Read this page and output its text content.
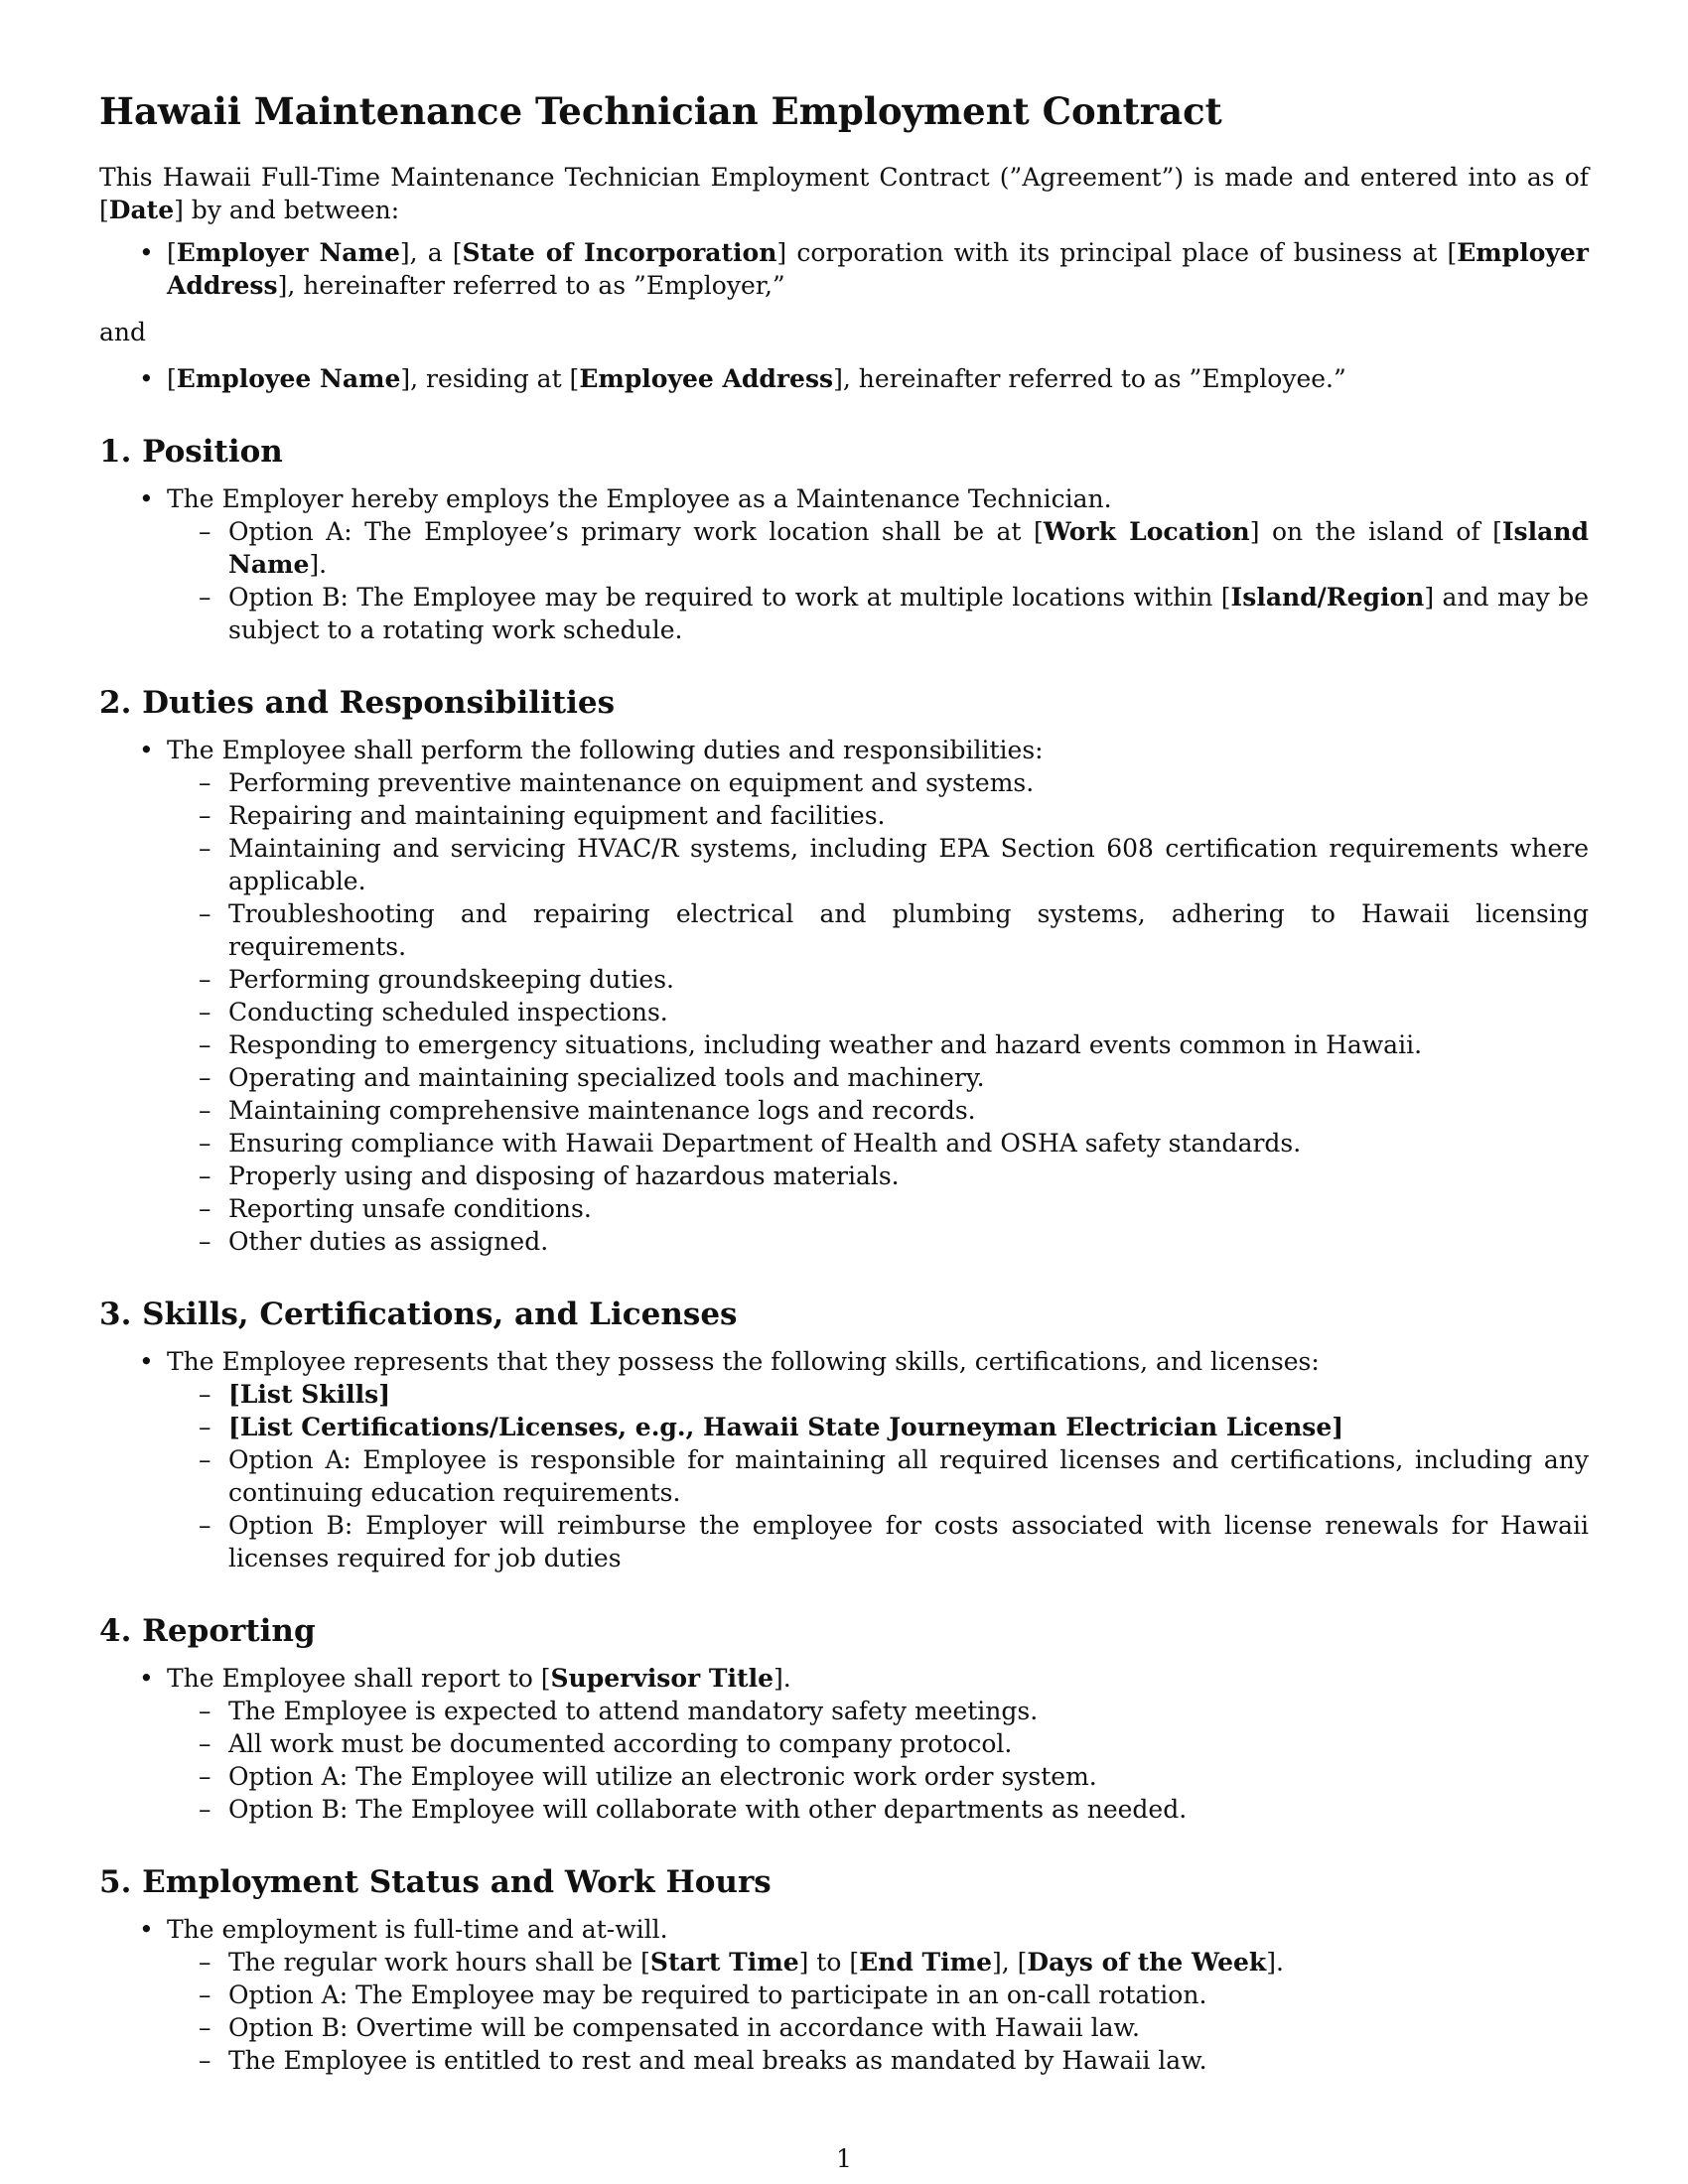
Hawaii Maintenance Technician Employment Contract

This Hawaii Full-Time Maintenance Technician Employment Contract (”Agreement”) is made and entered into as of [Date] by and between:

• [Employer Name], a [State of Incorporation] corporation with its principal place of business at [Employer Address], hereinafter referred to as ”Employer,”

and

• [Employee Name], residing at [Employee Address], hereinafter referred to as ”Employee.”
1. Position
• The Employer hereby employs the Employee as a Maintenance Technician.
– Option A: The Employee’s primary work location shall be at [Work Location] on the island of [Island Name].
– Option B: The Employee may be required to work at multiple locations within [Island/Region] and may be subject to a rotating work schedule.
2. Duties and Responsibilities
• The Employee shall perform the following duties and responsibilities:
– Performing preventive maintenance on equipment and systems.
– Repairing and maintaining equipment and facilities.
– Maintaining and servicing HVAC/R systems, including EPA Section 608 certification requirements where applicable.
– Troubleshooting and repairing electrical and plumbing systems, adhering to Hawaii licensing requirements.
– Performing groundskeeping duties.
– Conducting scheduled inspections.
– Responding to emergency situations, including weather and hazard events common in Hawaii.
– Operating and maintaining specialized tools and machinery.
– Maintaining comprehensive maintenance logs and records.
– Ensuring compliance with Hawaii Department of Health and OSHA safety standards.
– Properly using and disposing of hazardous materials.
– Reporting unsafe conditions.
– Other duties as assigned.
3. Skills, Certifications, and Licenses
• The Employee represents that they possess the following skills, certifications, and licenses:
– [List Skills]
– [List Certifications/Licenses, e.g., Hawaii State Journeyman Electrician License]
– Option A: Employee is responsible for maintaining all required licenses and certifications, including any continuing education requirements.
– Option B: Employer will reimburse the employee for costs associated with license renewals for Hawaii licenses required for job duties
4. Reporting
• The Employee shall report to [Supervisor Title].
– The Employee is expected to attend mandatory safety meetings.
– All work must be documented according to company protocol.
– Option A: The Employee will utilize an electronic work order system.
– Option B: The Employee will collaborate with other departments as needed.
5. Employment Status and Work Hours
• The employment is full-time and at-will.
– The regular work hours shall be [Start Time] to [End Time], [Days of the Week].
– Option A: The Employee may be required to participate in an on-call rotation.
– Option B: Overtime will be compensated in accordance with Hawaii law.
– The Employee is entitled to rest and meal breaks as mandated by Hawaii law.
1
